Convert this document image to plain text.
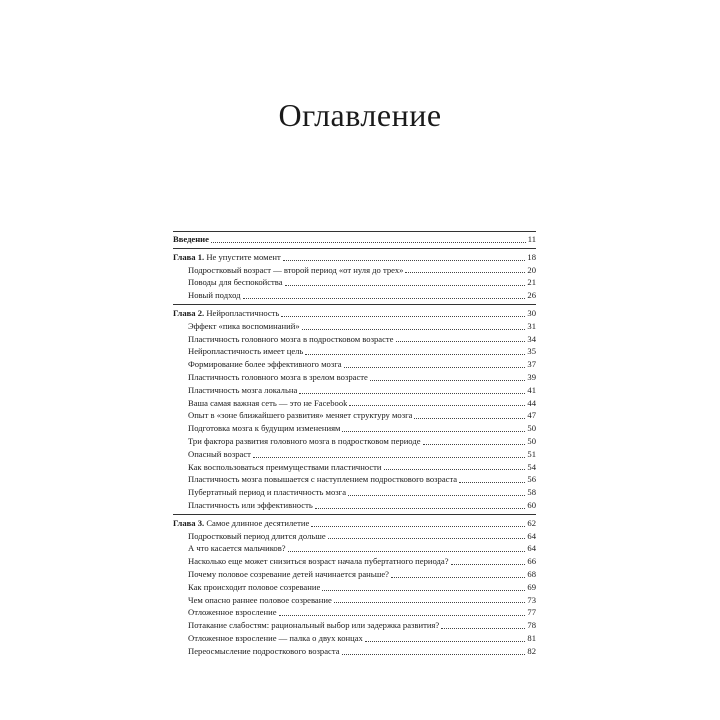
Оглавление
Введение	11
Глава 1. Не упустите момент	18
Подростковый возраст — второй период «от нуля до трех»	20
Поводы для беспокойства	21
Новый подход	26
Глава 2. Нейропластичность	30
Эффект «пика воспоминаний»	31
Пластичность головного мозга в подростковом возрасте	34
Нейропластичность имеет цель	35
Формирование более эффективного мозга	37
Пластичность головного мозга в зрелом возрасте	39
Пластичность мозга локальна	41
Ваша самая важная сеть — это не Facebook	44
Опыт в «зоне ближайшего развития» меняет структуру мозга	47
Подготовка мозга к будущим изменениям	50
Три фактора развития головного мозга в подростковом периоде	50
Опасный возраст	51
Как воспользоваться преимуществами пластичности	54
Пластичность мозга повышается с наступлением подросткового возраста	56
Пубертатный период и пластичность мозга	58
Пластичность или эффективность	60
Глава 3. Самое длинное десятилетие	62
Подростковый период длится дольше	64
А что касается мальчиков?	64
Насколько еще может снизиться возраст начала пубертатного периода?	66
Почему половое созревание детей начинается раньше?	68
Как происходит половое созревание	69
Чем опасно раннее половое созревание	73
Отложенное взросление	77
Потакание слабостям: рациональный выбор или задержка развития?	78
Отложенное взросление — палка о двух концах	81
Переосмысление подросткового возраста	82
